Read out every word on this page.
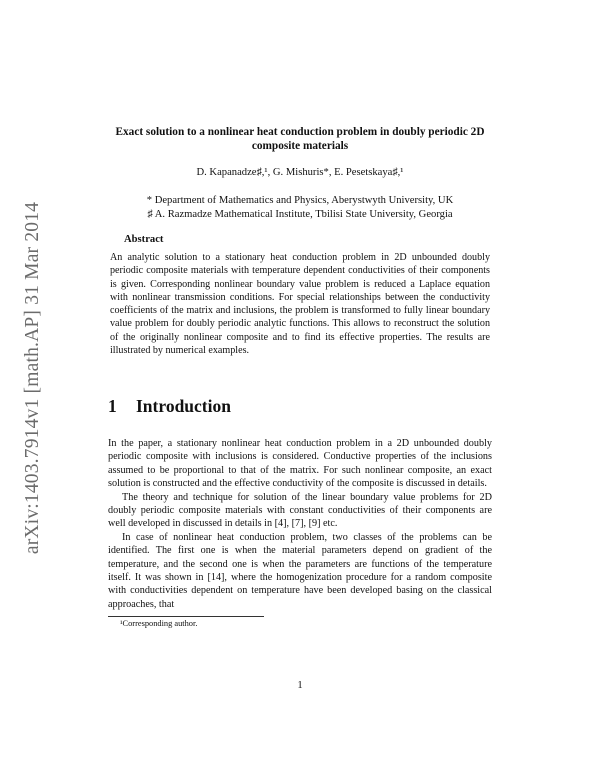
arXiv:1403.7914v1 [math.AP] 31 Mar 2014
Exact solution to a nonlinear heat conduction problem in doubly periodic 2D composite materials
D. Kapanadze♯,¹, G. Mishuris*, E. Pesetskaya♯,¹
* Department of Mathematics and Physics, Aberystwyth University, UK
♯ A. Razmadze Mathematical Institute, Tbilisi State University, Georgia
Abstract
An analytic solution to a stationary heat conduction problem in 2D unbounded doubly periodic composite materials with temperature dependent conductivities of their components is given. Corresponding nonlinear boundary value problem is reduced a Laplace equation with nonlinear transmission conditions. For special relationships between the conductivity coefficients of the matrix and inclusions, the problem is transformed to fully linear boundary value problem for doubly periodic analytic functions. This allows to reconstruct the solution of the originally nonlinear composite and to find its effective properties. The results are illustrated by numerical examples.
1 Introduction

In the paper, a stationary nonlinear heat conduction problem in a 2D unbounded doubly periodic composite with inclusions is considered. Conductive properties of the inclusions assumed to be proportional to that of the matrix. For such nonlinear composite, an exact solution is constructed and the effective conductivity of the composite is discussed in details.

The theory and technique for solution of the linear boundary value problems for 2D doubly periodic composite materials with constant conductivities of their components are well developed in discussed in details in [4], [7], [9] etc.

In case of nonlinear heat conduction problem, two classes of the problems can be identified. The first one is when the material parameters depend on gradient of the temperature, and the second one is when the parameters are functions of the temperature itself. It was shown in [14], where the homogenization procedure for a random composite with conductivities dependent on temperature have been developed basing on the classical approaches, that

¹Corresponding author.
1
